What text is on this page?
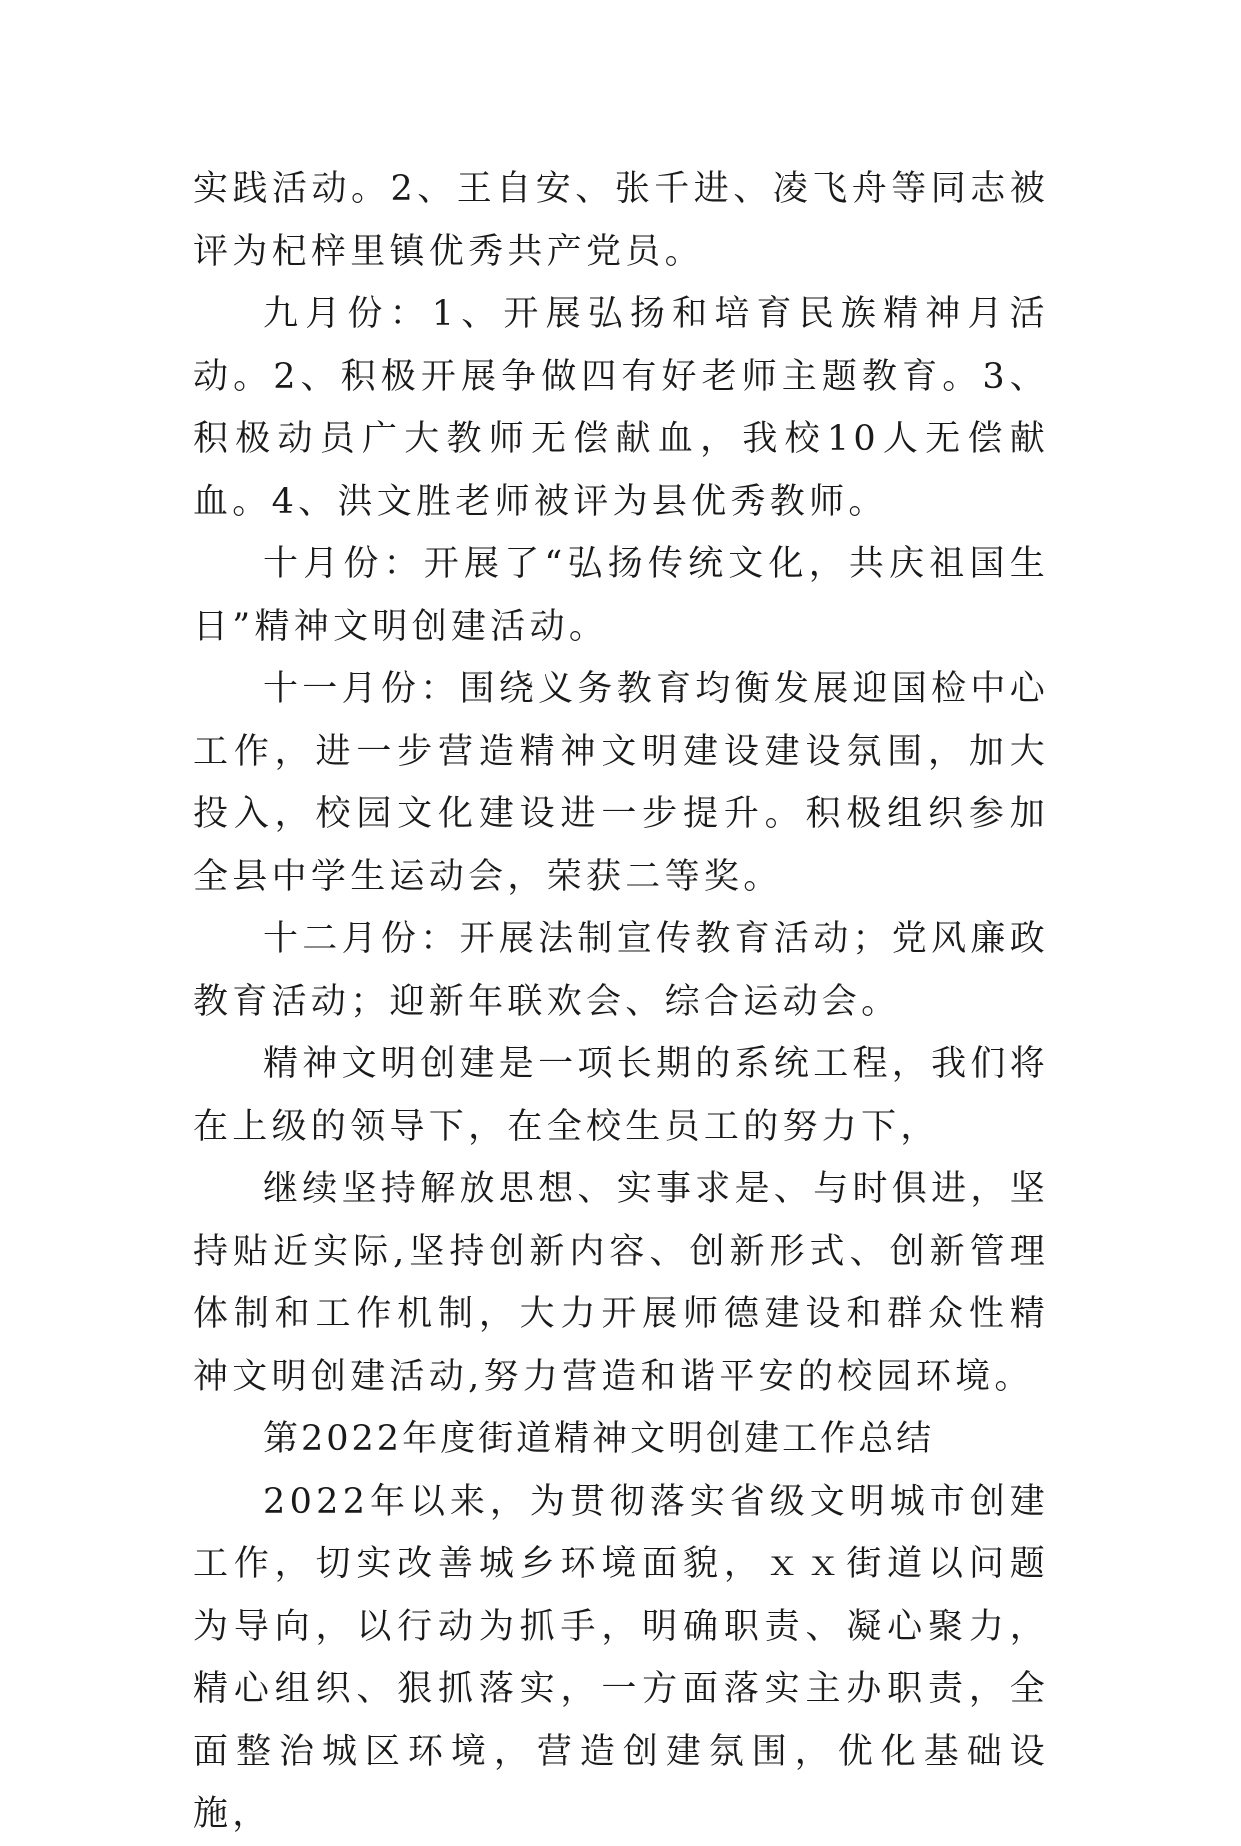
实践活动。2、王自安、张千进、凌飞舟等同志被评为杞梓里镇优秀共产党员。

九月份：1、开展弘扬和培育民族精神月活动。2、积极开展争做四有好老师主题教育。3、积极动员广大教师无偿献血，我校10人无偿献血。4、洪文胜老师被评为县优秀教师。

十月份：开展了“弘扬传统文化，共庆祖国生日”精神文明创建活动。

十一月份：围绕义务教育均衡发展迎国检中心工作，进一步营造精神文明建设建设氛围，加大投入，校园文化建设进一步提升。积极组织参加全县中学生运动会，荣获二等奖。

十二月份：开展法制宣传教育活动；党风廉政教育活动；迎新年联欢会、综合运动会。

精神文明创建是一项长期的系统工程，我们将在上级的领导下，在全校生员工的努力下，

继续坚持解放思想、实事求是、与时俱进，坚持贴近实际,坚持创新内容、创新形式、创新管理体制和工作机制，大力开展师德建设和群众性精神文明创建活动,努力营造和谐平安的校园环境。

第2022年度街道精神文明创建工作总结

2022年以来，为贯彻落实省级文明城市创建工作，切实改善城乡环境面貌，ｘｘ街道以问题为导向，以行动为抓手，明确职责、凝心聚力，精心组织、狠抓落实，一方面落实主办职责，全面整治城区环境，营造创建氛围，优化基础设施，
